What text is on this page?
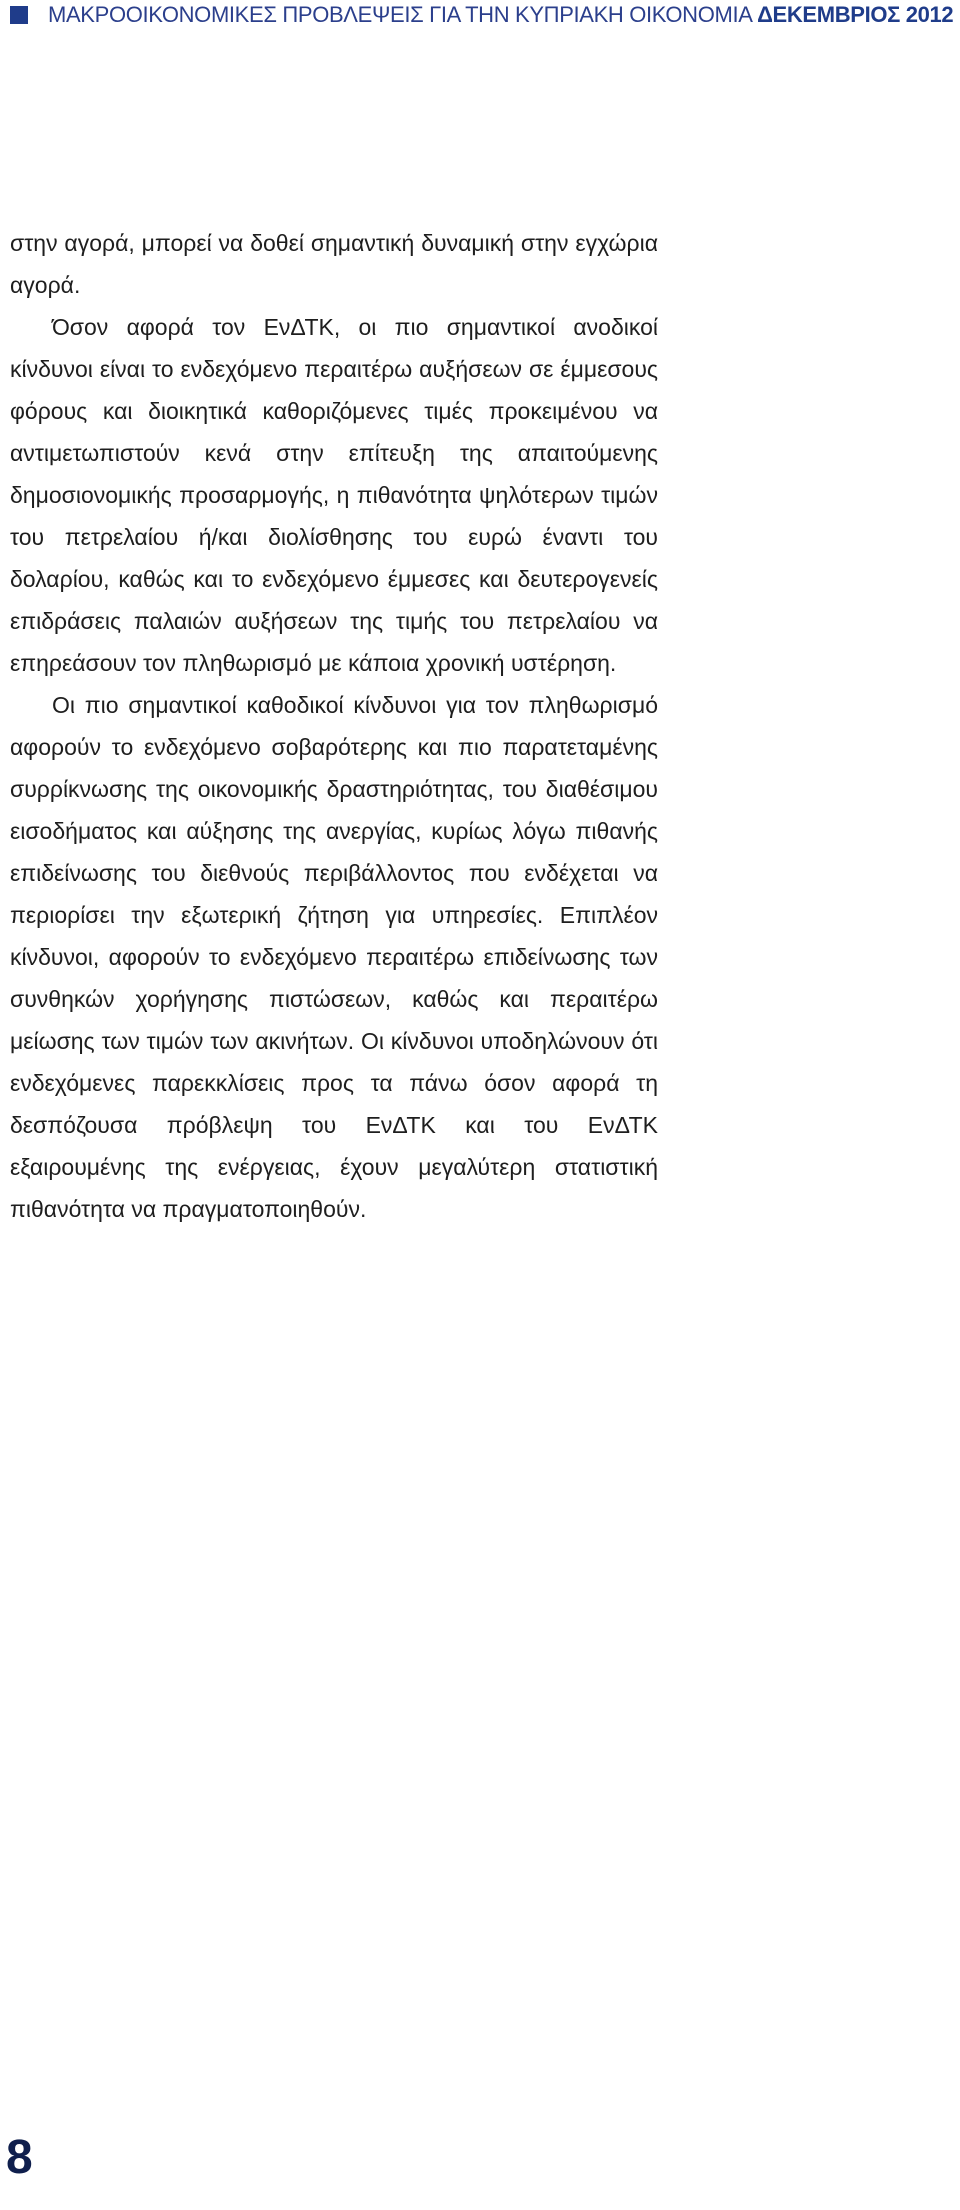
ΜΑΚΡΟΟΙΚΟΝΟΜΙΚΕΣ ΠΡΟΒΛΕΨΕΙΣ ΓΙΑ ΤΗΝ ΚΥΠΡΙΑΚΗ ΟΙΚΟΝΟΜΙΑ ΔΕΚΕΜΒΡΙΟΣ 2012

στην αγορά, μπορεί να δοθεί σημαντική δυναμική στην εγχώρια αγορά.

Όσον αφορά τον ΕνΔΤΚ, οι πιο σημαντικοί ανοδικοί κίνδυνοι είναι το ενδεχόμενο περαιτέρω αυξήσεων σε έμμεσους φόρους και διοικητικά καθοριζόμενες τιμές προκειμένου να αντιμετωπιστούν κενά στην επίτευξη της απαιτούμενης δημοσιονομικής προσαρμογής, η πιθανότητα ψηλότερων τιμών του πετρελαίου ή/και διολίσθησης του ευρώ έναντι του δολαρίου, καθώς και το ενδεχόμενο έμμεσες και δευτερογενείς επιδράσεις παλαιών αυξήσεων της τιμής του πετρελαίου να επηρεάσουν τον πληθωρισμό με κάποια χρονική υστέρηση.

Οι πιο σημαντικοί καθοδικοί κίνδυνοι για τον πληθωρισμό αφορούν το ενδεχόμενο σοβαρότερης και πιο παρατεταμένης συρρίκνωσης της οικονομικής δραστηριότητας, του διαθέσιμου εισοδήματος και αύξησης της ανεργίας, κυρίως λόγω πιθανής επιδείνωσης του διεθνούς περιβάλλοντος που ενδέχεται να περιορίσει την εξωτερική ζήτηση για υπηρεσίες. Επιπλέον κίνδυνοι, αφορούν το ενδεχόμενο περαιτέρω επιδείνωσης των συνθηκών χορήγησης πιστώσεων, καθώς και περαιτέρω μείωσης των τιμών των ακινήτων. Οι κίνδυνοι υποδηλώνουν ότι ενδεχόμενες παρεκκλίσεις προς τα πάνω όσον αφορά τη δεσπόζουσα πρόβλεψη του ΕνΔΤΚ και του ΕνΔΤΚ εξαιρουμένης της ενέργειας, έχουν μεγαλύτερη στατιστική πιθανότητα να πραγματοποιηθούν.

8
